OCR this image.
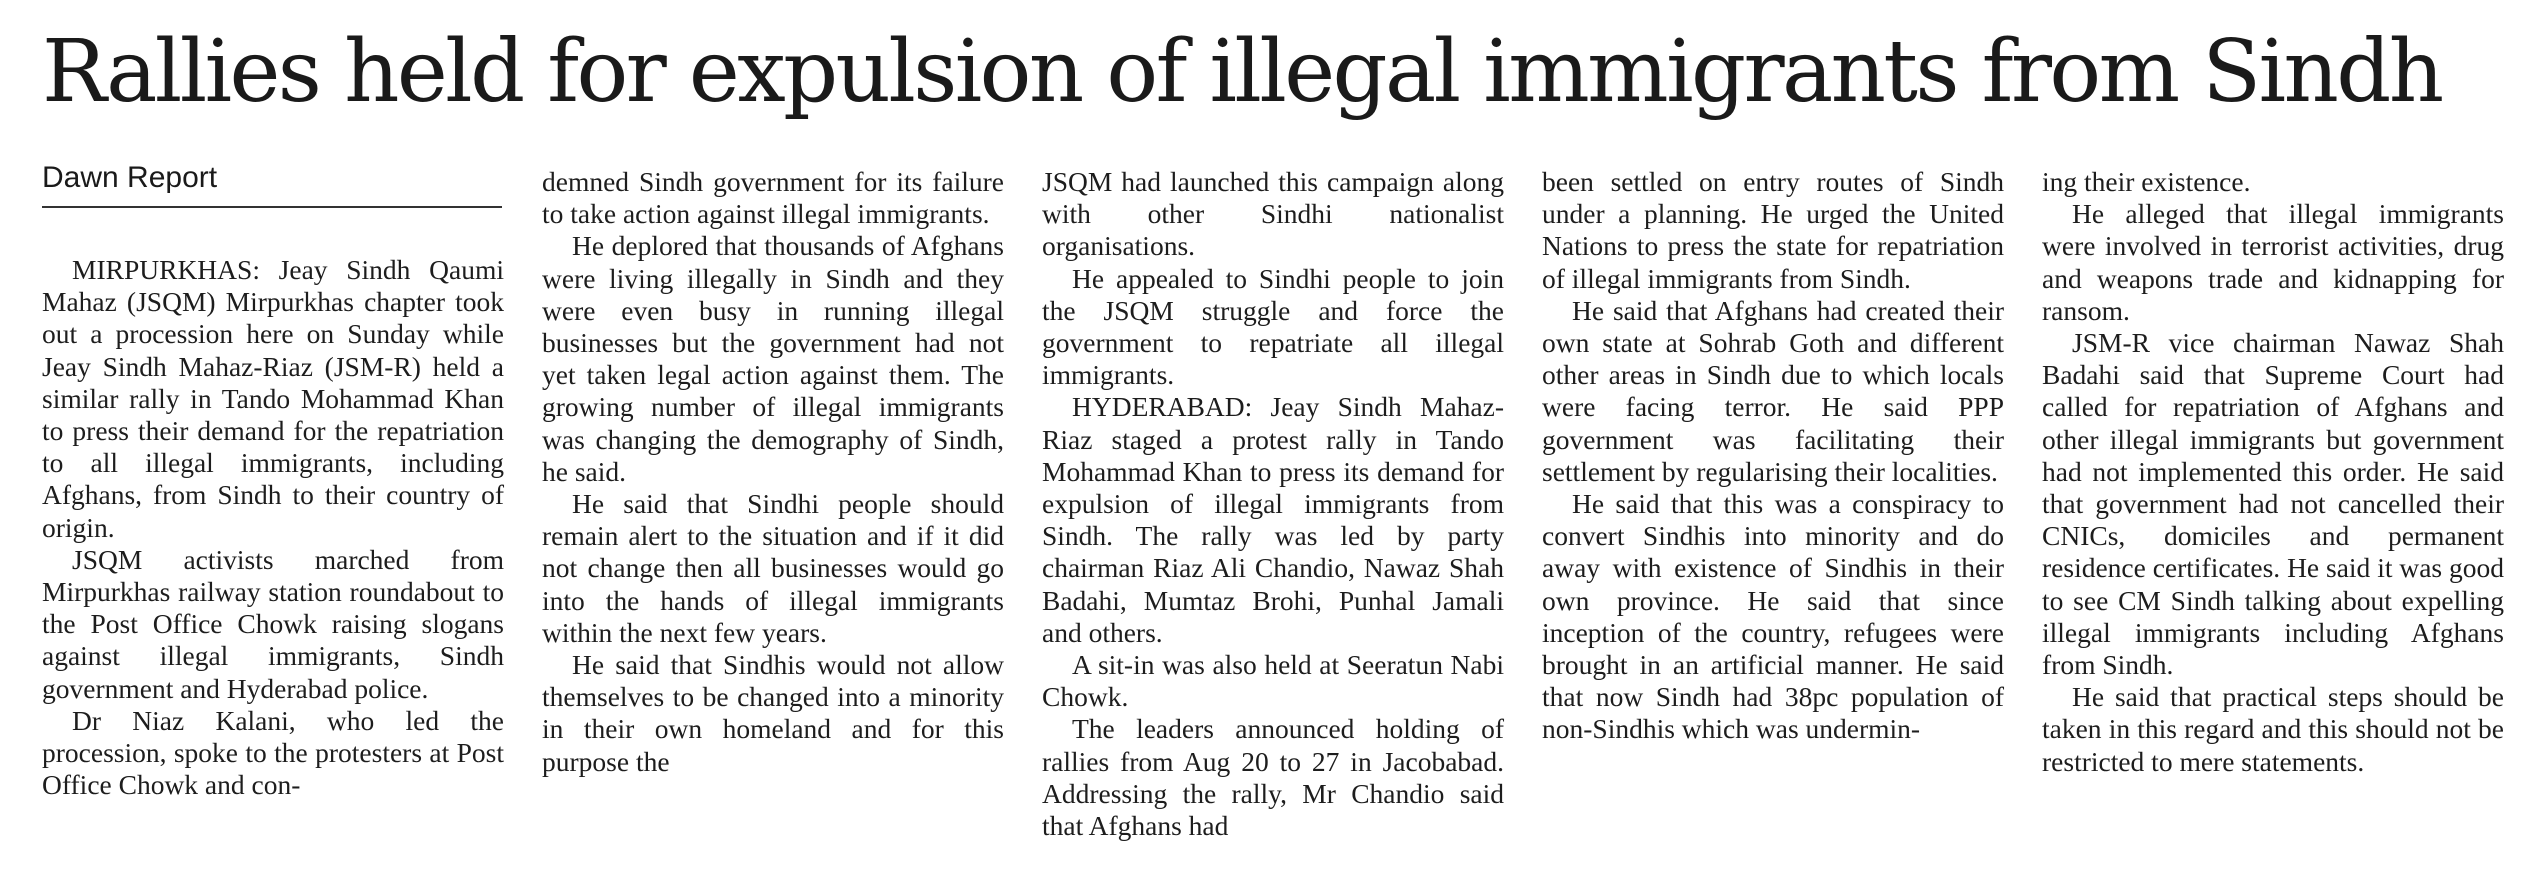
Rallies held for expulsion of illegal immigrants from Sindh
Dawn Report

MIRPURKHAS: Jeay Sindh Qaumi Mahaz (JSQM) Mirpurkhas chapter took out a procession here on Sunday while Jeay Sindh Mahaz-Riaz (JSM-R) held a similar rally in Tando Mohammad Khan to press their demand for the repatriation to all illegal immigrants, including Afghans, from Sindh to their country of origin.

JSQM activists marched from Mirpurkhas railway station roundabout to the Post Office Chowk raising slogans against illegal immigrants, Sindh government and Hyderabad police.

Dr Niaz Kalani, who led the procession, spoke to the protesters at Post Office Chowk and con-

demned Sindh government for its failure to take action against illegal immigrants.

He deplored that thousands of Afghans were living illegally in Sindh and they were even busy in running illegal businesses but the government had not yet taken legal action against them. The growing number of illegal immigrants was changing the demography of Sindh, he said.

He said that Sindhi people should remain alert to the situation and if it did not change then all businesses would go into the hands of illegal immigrants within the next few years.

He said that Sindhis would not allow themselves to be changed into a minority in their own homeland and for this purpose the

JSQM had launched this campaign along with other Sindhi nationalist organisations.

He appealed to Sindhi people to join the JSQM struggle and force the government to repatriate all illegal immigrants.

HYDERABAD: Jeay Sindh Mahaz-Riaz staged a protest rally in Tando Mohammad Khan to press its demand for expulsion of illegal immigrants from Sindh. The rally was led by party chairman Riaz Ali Chandio, Nawaz Shah Badahi, Mumtaz Brohi, Punhal Jamali and others.

A sit-in was also held at Seeratun Nabi Chowk.

The leaders announced holding of rallies from Aug 20 to 27 in Jacobabad. Addressing the rally, Mr Chandio said that Afghans had

been settled on entry routes of Sindh under a planning. He urged the United Nations to press the state for repatriation of illegal immigrants from Sindh.

He said that Afghans had created their own state at Sohrab Goth and different other areas in Sindh due to which locals were facing terror. He said PPP government was facilitating their settlement by regularising their localities.

He said that this was a conspiracy to convert Sindhis into minority and do away with existence of Sindhis in their own province. He said that since inception of the country, refugees were brought in an artificial manner. He said that now Sindh had 38pc population of non-Sindhis which was undermin-

ing their existence.

He alleged that illegal immigrants were involved in terrorist activities, drug and weapons trade and kidnapping for ransom.

JSM-R vice chairman Nawaz Shah Badahi said that Supreme Court had called for repatriation of Afghans and other illegal immigrants but government had not implemented this order. He said that government had not cancelled their CNICs, domiciles and permanent residence certificates. He said it was good to see CM Sindh talking about expelling illegal immigrants including Afghans from Sindh.

He said that practical steps should be taken in this regard and this should not be restricted to mere statements.
